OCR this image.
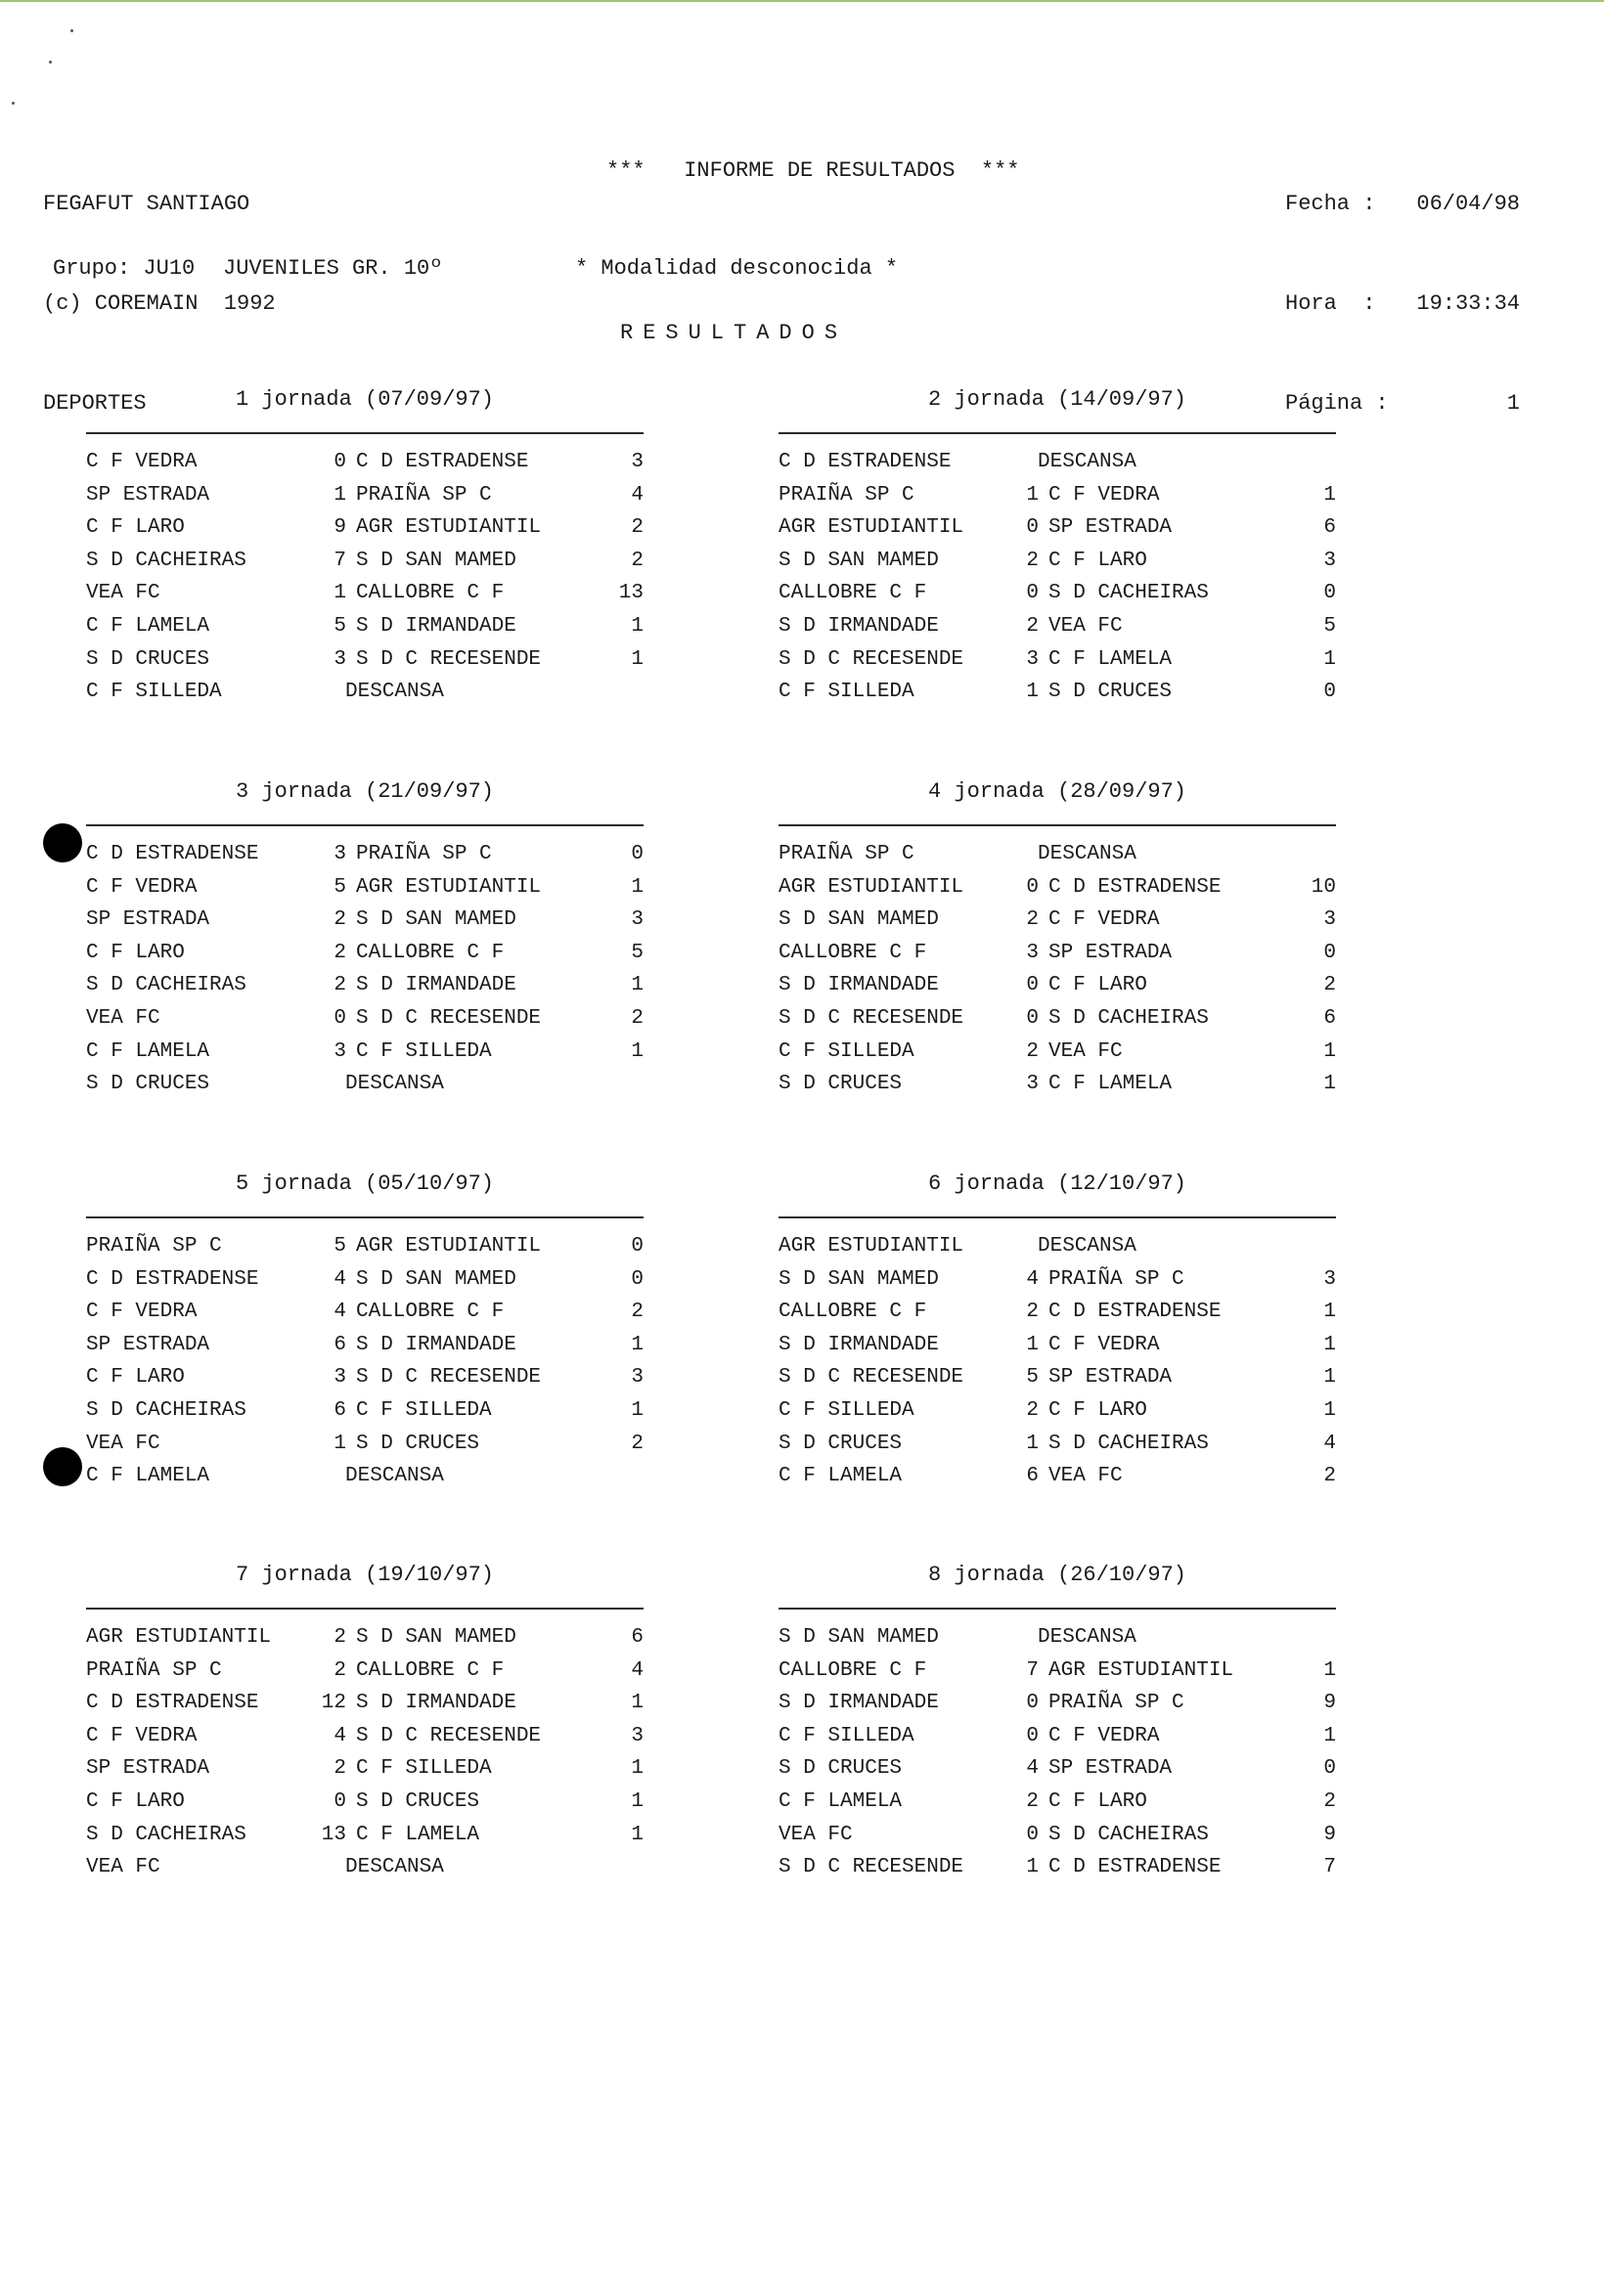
FEGAFUT SANTIAGO

(c) COREMAIN  1992

DEPORTES

***   INFORME DE RESULTADOS  ***

Fecha :	06/04/98

Hora  :	19:33:34

Página :	1

Grupo: JU10 JUVENILES GR. 10º	* Modalidad desconocida *
RESULTADOS
1 jornada (07/09/97)
C F VEDRA	0 C D ESTRADENSE	3
SP ESTRADA	1 PRAIÑA SP C	4
C F LARO	9 AGR ESTUDIANTIL	2
S D CACHEIRAS	7 S D SAN MAMED	2
VEA FC	1 CALLOBRE C F	13
C F LAMELA	5 S D IRMANDADE	1
S D CRUCES	3 S D C RECESENDE	1
C F SILLEDA	DESCANSA
2 jornada (14/09/97)
C D ESTRADENSE	DESCANSA
PRAIÑA SP C	1 C F VEDRA	1
AGR ESTUDIANTIL	0 SP ESTRADA	6
S D SAN MAMED	2 C F LARO	3
CALLOBRE C F	0 S D CACHEIRAS	0
S D IRMANDADE	2 VEA FC	5
S D C RECESENDE	3 C F LAMELA	1
C F SILLEDA	1 S D CRUCES	0
3 jornada (21/09/97)
C D ESTRADENSE	3 PRAIÑA SP C	0
C F VEDRA	5 AGR ESTUDIANTIL	1
SP ESTRADA	2 S D SAN MAMED	3
C F LARO	2 CALLOBRE C F	5
S D CACHEIRAS	2 S D IRMANDADE	1
VEA FC	0 S D C RECESENDE	2
C F LAMELA	3 C F SILLEDA	1
S D CRUCES	DESCANSA
4 jornada (28/09/97)
PRAIÑA SP C	DESCANSA
AGR ESTUDIANTIL	0 C D ESTRADENSE	10
S D SAN MAMED	2 C F VEDRA	3
CALLOBRE C F	3 SP ESTRADA	0
S D IRMANDADE	0 C F LARO	2
S D C RECESENDE	0 S D CACHEIRAS	6
C F SILLEDA	2 VEA FC	1
S D CRUCES	3 C F LAMELA	1
5 jornada (05/10/97)
PRAIÑA SP C	5 AGR ESTUDIANTIL	0
C D ESTRADENSE	4 S D SAN MAMED	0
C F VEDRA	4 CALLOBRE C F	2
SP ESTRADA	6 S D IRMANDADE	1
C F LARO	3 S D C RECESENDE	3
S D CACHEIRAS	6 C F SILLEDA	1
VEA FC	1 S D CRUCES	2
C F LAMELA	DESCANSA
6 jornada (12/10/97)
AGR ESTUDIANTIL	DESCANSA
S D SAN MAMED	4 PRAIÑA SP C	3
CALLOBRE C F	2 C D ESTRADENSE	1
S D IRMANDADE	1 C F VEDRA	1
S D C RECESENDE	5 SP ESTRADA	1
C F SILLEDA	2 C F LARO	1
S D CRUCES	1 S D CACHEIRAS	4
C F LAMELA	6 VEA FC	2
7 jornada (19/10/97)
AGR ESTUDIANTIL	2 S D SAN MAMED	6
PRAIÑA SP C	2 CALLOBRE C F	4
C D ESTRADENSE	12 S D IRMANDADE	1
C F VEDRA	4 S D C RECESENDE	3
SP ESTRADA	2 C F SILLEDA	1
C F LARO	0 S D CRUCES	1
S D CACHEIRAS	13 C F LAMELA	1
VEA FC	DESCANSA
8 jornada (26/10/97)
S D SAN MAMED	DESCANSA
CALLOBRE C F	7 AGR ESTUDIANTIL	1
S D IRMANDADE	0 PRAIÑA SP C	9
C F SILLEDA	0 C F VEDRA	1
S D CRUCES	4 SP ESTRADA	0
C F LAMELA	2 C F LARO	2
VEA FC	0 S D CACHEIRAS	9
S D C RECESENDE	1 C D ESTRADENSE	7
